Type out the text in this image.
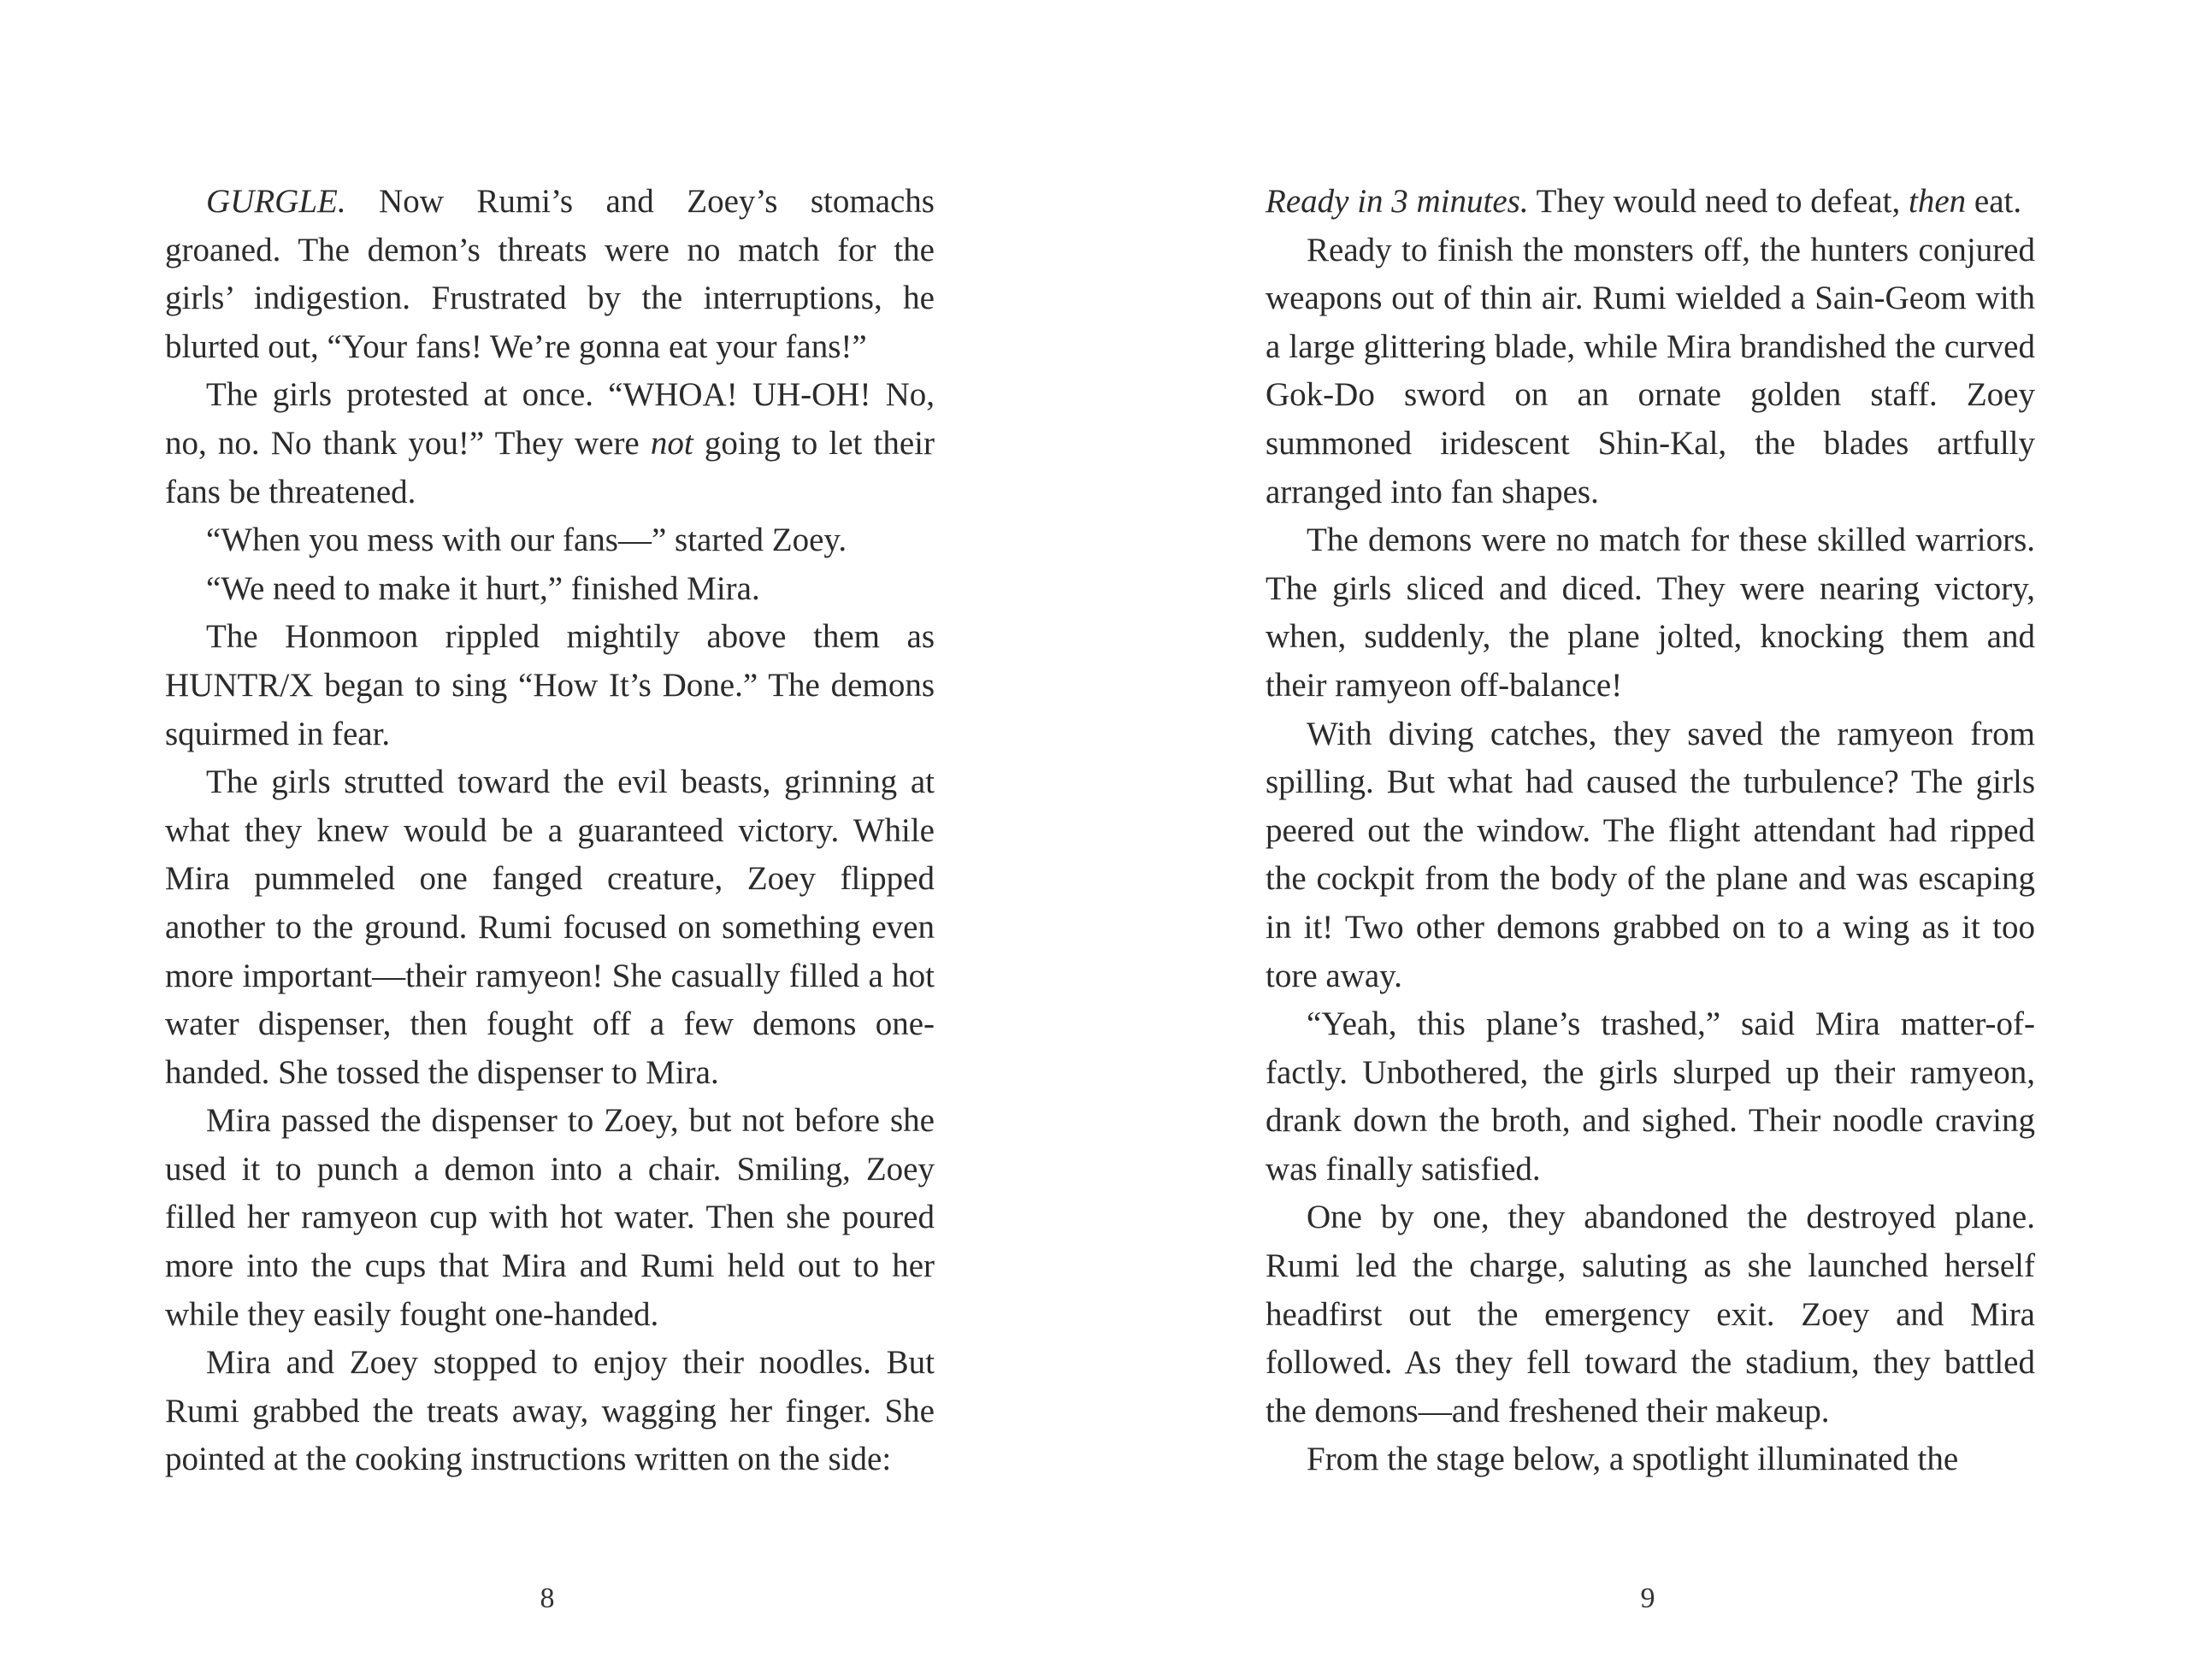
GURGLE. Now Rumi’s and Zoey’s stomachs groaned. The demon’s threats were no match for the girls’ indigestion. Frustrated by the interruptions, he blurted out, “Your fans! We’re gonna eat your fans!”

The girls protested at once. “WHOA! UH-OH! No, no, no. No thank you!” They were not going to let their fans be threatened.

“When you mess with our fans—” started Zoey.

“We need to make it hurt,” finished Mira.

The Honmoon rippled mightily above them as HUNTR/X began to sing “How It’s Done.” The demons squirmed in fear.

The girls strutted toward the evil beasts, grinning at what they knew would be a guaranteed victory. While Mira pummeled one fanged creature, Zoey flipped another to the ground. Rumi focused on something even more important—their ramyeon! She casually filled a hot water dispenser, then fought off a few demons one-handed. She tossed the dispenser to Mira.

Mira passed the dispenser to Zoey, but not before she used it to punch a demon into a chair. Smiling, Zoey filled her ramyeon cup with hot water. Then she poured more into the cups that Mira and Rumi held out to her while they easily fought one-handed.

Mira and Zoey stopped to enjoy their noodles. But Rumi grabbed the treats away, wagging her finger. She pointed at the cooking instructions written on the side:

Ready in 3 minutes. They would need to defeat, then eat.

Ready to finish the monsters off, the hunters conjured weapons out of thin air. Rumi wielded a Sain-Geom with a large glittering blade, while Mira brandished the curved Gok-Do sword on an ornate golden staff. Zoey summoned iridescent Shin-Kal, the blades artfully arranged into fan shapes.

The demons were no match for these skilled warriors. The girls sliced and diced. They were nearing victory, when, suddenly, the plane jolted, knocking them and their ramyeon off-balance!

With diving catches, they saved the ramyeon from spilling. But what had caused the turbulence? The girls peered out the window. The flight attendant had ripped the cockpit from the body of the plane and was escaping in it! Two other demons grabbed on to a wing as it too tore away.

“Yeah, this plane’s trashed,” said Mira matter-of-factly. Unbothered, the girls slurped up their ramyeon, drank down the broth, and sighed. Their noodle craving was finally satisfied.

One by one, they abandoned the destroyed plane. Rumi led the charge, saluting as she launched herself headfirst out the emergency exit. Zoey and Mira followed. As they fell toward the stadium, they battled the demons—and freshened their makeup.

From the stage below, a spotlight illuminated the

8	9
